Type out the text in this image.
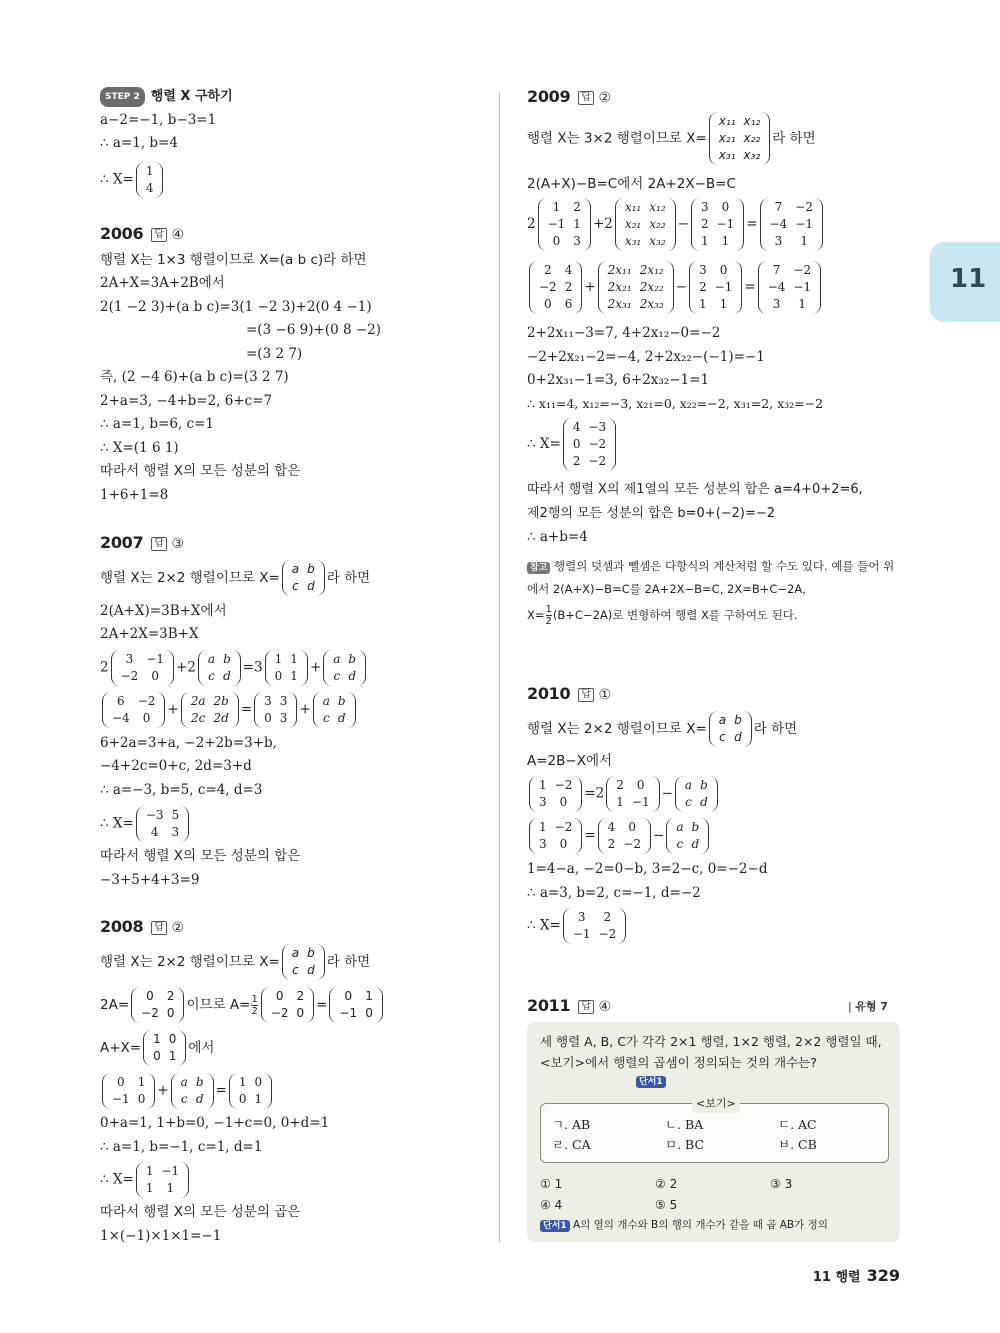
11
STEP 2 행렬 X 구하기
a−2=−1, b−3=1
∴ a=1, b=4
∴ X=
1
4
2006 답 ④
행렬 X는 1×3 행렬이므로 X=(a b c)라 하면
2A+X=3A+2B에서
2(1 −2 3)+(a b c)=3(1 −2 3)+2(0 4 −1)
=(3 −6 9)+(0 8 −2)
=(3 2 7)
즉, (2 −4 6)+(a b c)=(3 2 7)
2+a=3, −4+b=2, 6+c=7
∴ a=1, b=6, c=1
∴ X=(1 6 1)
따라서 행렬 X의 모든 성분의 합은
1+6+1=8
2007 답 ③
행렬 X는 2×2 행렬이므로 X=
a	b
c	d 라 하면
2(A+X)=3B+X에서
2A+2X=3B+X
2
3	−1
−2	0
+2
a	b
c	d
=3
1	1
0	1
+
a	b
c	d
6	−2
−4	0
+
2a	2b
2c	2d
=
3	3
0	3
+
a	b
c	d
6+2a=3+a, −2+2b=3+b,
−4+2c=0+c, 2d=3+d
∴ a=−3, b=5, c=4, d=3
∴ X=
−3	5
4	3
따라서 행렬 X의 모든 성분의 합은
−3+5+4+3=9
2008 답 ②
행렬 X는 2×2 행렬이므로 X=
a	b
c	d 라 하면
2A=
0	2
−2	0 이므로 $A= \frac{1}{2} 0$	2
−2	0 =
0	1
−1	0
A+X=
1	0
0	1 에서
0	1
−1	0
+
a	b
c	d
=
1	0
0	1
0+a=1, 1+b=0, −1+c=0, 0+d=1
∴ a=1, b=−1, c=1, d=1
∴ X=
1	−1
1	1
따라서 행렬 X의 모든 성분의 곱은
1×(−1)×1×1=−1
2009 답 ②
행렬 X는 3×2 행렬이므로 X=
x₁₁	x₁₂
x₂₁	x₂₂
x₃₁	x₃₂
라 하면
2(A+X)−B=C에서 2A+2X−B=C
2
1	2
−1	1
0	3
+2
x₁₁	x₁₂
x₂₁	x₂₂
x₃₁	x₃₂
−
3	0
2	−1
1	1
=
7	−2
−4	−1
3	1
2	4
−2	2
0	6
+
2x₁₁	2x₁₂
2x₂₁	2x₂₂
2x₃₁	2x₃₂
−
3	0
2	−1
1	1
=
7	−2
−4	−1
3	1
2+2x₁₁−3=7, 4+2x₁₂−0=−2
−2+2x₂₁−2=−4, 2+2x₂₂−(−1)=−1
0+2x₃₁−1=3, 6+2x₃₂−1=1
∴ x₁₁=4, x₁₂=−3, x₂₁=0, x₂₂=−2, x₃₁=2, x₃₂=−2
∴ X=
4	−3
0	−2
2	−2
따라서 행렬 X의 제1열의 모든 성분의 합은 a=4+0+2=6,
제2행의 모든 성분의 합은 b=0+(−2)=−2
∴ a+b=4
참고 행렬의 덧셈과 뺄셈은 다항식의 계산처럼 할 수도 있다. 예를 들어 위
에서 2(A+X)−B=C를 2A+2X−B=C, 2X=B+C−2A,
$X= \frac{1}{2} (B+C-2A)$로 변형하여 행렬 X를 구하여도 된다.
2010 답 ①
행렬 X는 2×2 행렬이므로 X=
a	b
c	d 라 하면
A=2B−X에서
1	−2
3	0
=2
2	0
1	−1
−
a	b
c	d
1	−2
3	0
=
4	0
2	−2
−
a	b
c	d
1=4−a, −2=0−b, 3=2−c, 0=−2−d
∴ a=3, b=2, c=−1, d=−2
∴ X=
3	2
−1	−2
2011 답 ④	| 유형 7
세 행렬 A, B, C가 각각 2×1 행렬, 1×2 행렬, 2×2 행렬일 때,
<보기>에서 행렬의 곱셈이 정의되는 것의 개수는?
단서1
<보기>
ㄱ. AB	ㄴ. BA	ㄷ. AC
ㄹ. CA	ㅁ. BC	ㅂ. CB
① 1	② 2	③ 3
④ 4	⑤ 5
단서1 A의 열의 개수와 B의 행의 개수가 같을 때 곱 AB가 정의
11 행렬 329
